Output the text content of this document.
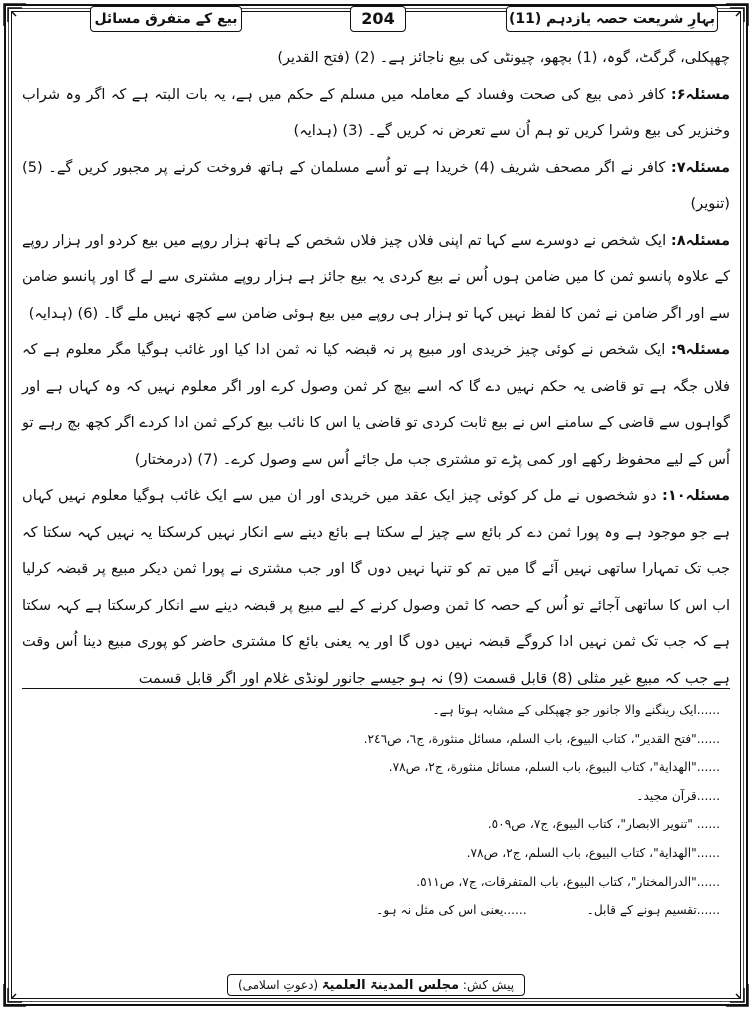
بہارِ شریعت حصہ یازدہم (11)
204
بیع کے متفرق مسائل

چھپکلی، گرگٹ، گوہ، (1) بچھو، چیونٹی کی بیع ناجائز ہے۔ (2) (فتح القدیر)

مسئلہ۶: کافر ذمی بیع کی صحت وفساد کے معاملہ میں مسلم کے حکم میں ہے، یہ بات البتہ ہے کہ اگر وہ شراب وخنزیر کی بیع وشرا کریں تو ہم اُن سے تعرض نہ کریں گے۔ (3) (ہدایہ)

مسئلہ۷: کافر نے اگر مصحف شریف (4) خریدا ہے تو اُسے مسلمان کے ہاتھ فروخت کرنے پر مجبور کریں گے۔ (5) (تنویر)

مسئلہ۸: ایک شخص نے دوسرے سے کہا تم اپنی فلاں چیز فلاں شخص کے ہاتھ ہزار روپے میں بیع کردو اور ہزار روپے کے علاوہ پانسو ثمن کا میں ضامن ہوں اُس نے بیع کردی یہ بیع جائز ہے ہزار روپے مشتری سے لے گا اور پانسو ضامن سے اور اگر ضامن نے ثمن کا لفظ نہیں کہا تو ہزار ہی روپے میں بیع ہوئی ضامن سے کچھ نہیں ملے گا۔ (6) (ہدایہ)

مسئلہ۹: ایک شخص نے کوئی چیز خریدی اور مبیع پر نہ قبضہ کیا نہ ثمن ادا کیا اور غائب ہوگیا مگر معلوم ہے کہ فلاں جگہ ہے تو قاضی یہ حکم نہیں دے گا کہ اسے بیچ کر ثمن وصول کرے اور اگر معلوم نہیں کہ وہ کہاں ہے اور گواہوں سے قاضی کے سامنے اس نے بیع ثابت کردی تو قاضی یا اس کا نائب بیع کرکے ثمن ادا کردے اگر کچھ بچ رہے تو اُس کے لیے محفوظ رکھے اور کمی پڑے تو مشتری جب مل جائے اُس سے وصول کرے۔ (7) (درمختار)

مسئلہ۱۰: دو شخصوں نے مل کر کوئی چیز ایک عقد میں خریدی اور ان میں سے ایک غائب ہوگیا معلوم نہیں کہاں ہے جو موجود ہے وہ پورا ثمن دے کر بائع سے چیز لے سکتا ہے بائع دینے سے انکار نہیں کرسکتا یہ نہیں کہہ سکتا کہ جب تک تمہارا ساتھی نہیں آئے گا میں تم کو تنہا نہیں دوں گا اور جب مشتری نے پورا ثمن دیکر مبیع پر قبضہ کرلیا اب اس کا ساتھی آجائے تو اُس کے حصہ کا ثمن وصول کرنے کے لیے مبیع پر قبضہ دینے سے انکار کرسکتا ہے کہہ سکتا ہے کہ جب تک ثمن نہیں ادا کروگے قبضہ نہیں دوں گا اور یہ یعنی بائع کا مشتری حاضر کو پوری مبیع دینا اُس وقت ہے جب کہ مبیع غیر مثلی (8) قابل قسمت (9) نہ ہو جیسے جانور لونڈی غلام اور اگر قابل قسمت

......ایک رینگنے والا جانور جو چھپکلی کے مشابہ ہوتا ہے۔

......"فتح القدير"، كتاب البيوع، باب السلم، مسائل منثورة، ج٦، ص٢٤٦.

......"الهداية"، كتاب البيوع، باب السلم، مسائل منثورة، ج٢، ص٧٨.

......قرآن مجید۔

...... "تنوير الابصار"، كتاب البيوع، ج٧، ص٥٠٩.

......"الهداية"، كتاب البيوع، باب السلم، ج٢، ص٧٨.

......"الدرالمختار"، كتاب البيوع، باب المتفرقات، ج٧، ص٥١١.

......تقسیم ہونے کے قابل۔......یعنی اس کی مثل نہ ہو۔

پیش کش: مجلس المدینۃ العلمیۃ (دعوتِ اسلامی)
